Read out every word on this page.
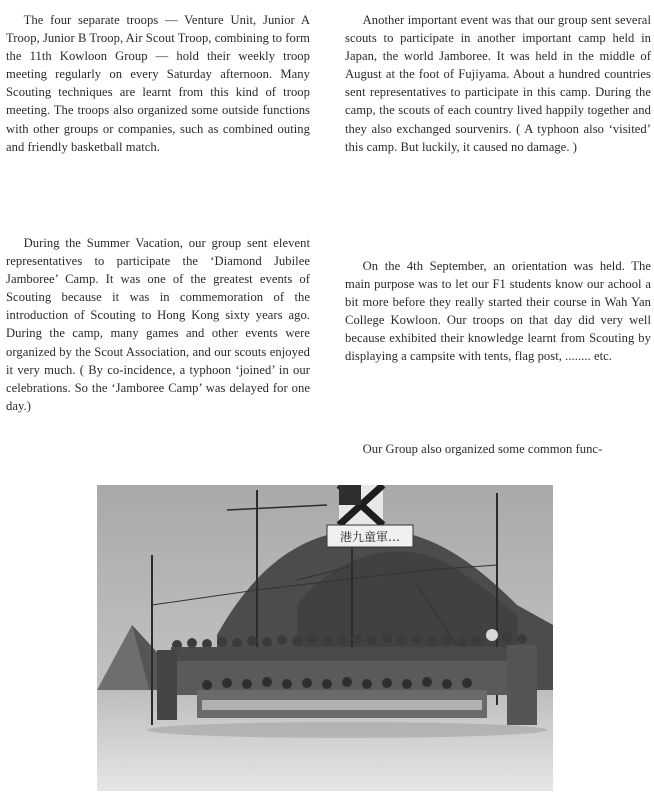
The four separate troops — Venture Unit, Junior A Troop, Junior B Troop, Air Scout Troop, combining to form the 11th Kowloon Group — hold their weekly troop meeting regularly on every Saturday afternoon. Many Scouting techniques are learnt from this kind of troop meeting. The troops also organized some outside functions with other groups or companies, such as combined outing and friendly basketball match.

During the Summer Vacation, our group sent elevent representatives to participate the ‘Diamond Jubilee Jamboree’ Camp. It was one of the greatest events of Scouting because it was in commemoration of the introduction of Scouting to Hong Kong sixty years ago. During the camp, many games and other events were organized by the Scout Association, and our scouts enjoyed it very much. ( By co-incidence, a typhoon ‘joined’ in our celebrations. So the ‘Jamboree Camp’ was delayed for one day.)

Another important event was that our group sent several scouts to participate in another important camp held in Japan, the world Jamboree. It was held in the middle of August at the foot of Fujiyama. About a hundred countries sent representatives to participate in this camp. During the camp, the scouts of each country lived happily together and they also exchanged sourvenirs. ( A typhoon also ‘visited’ this camp. But luckily, it caused no damage. )

On the 4th September, an orientation was held. The main purpose was to let our F1 students know our achool a bit more before they really started their course in Wah Yan College Kowloon. Our troops on that day did very well because exhibited their knowledge learnt from Scouting by displaying a campsite with tents, flag post, ........ etc.

Our Group also organized some common func-

港九童軍…
